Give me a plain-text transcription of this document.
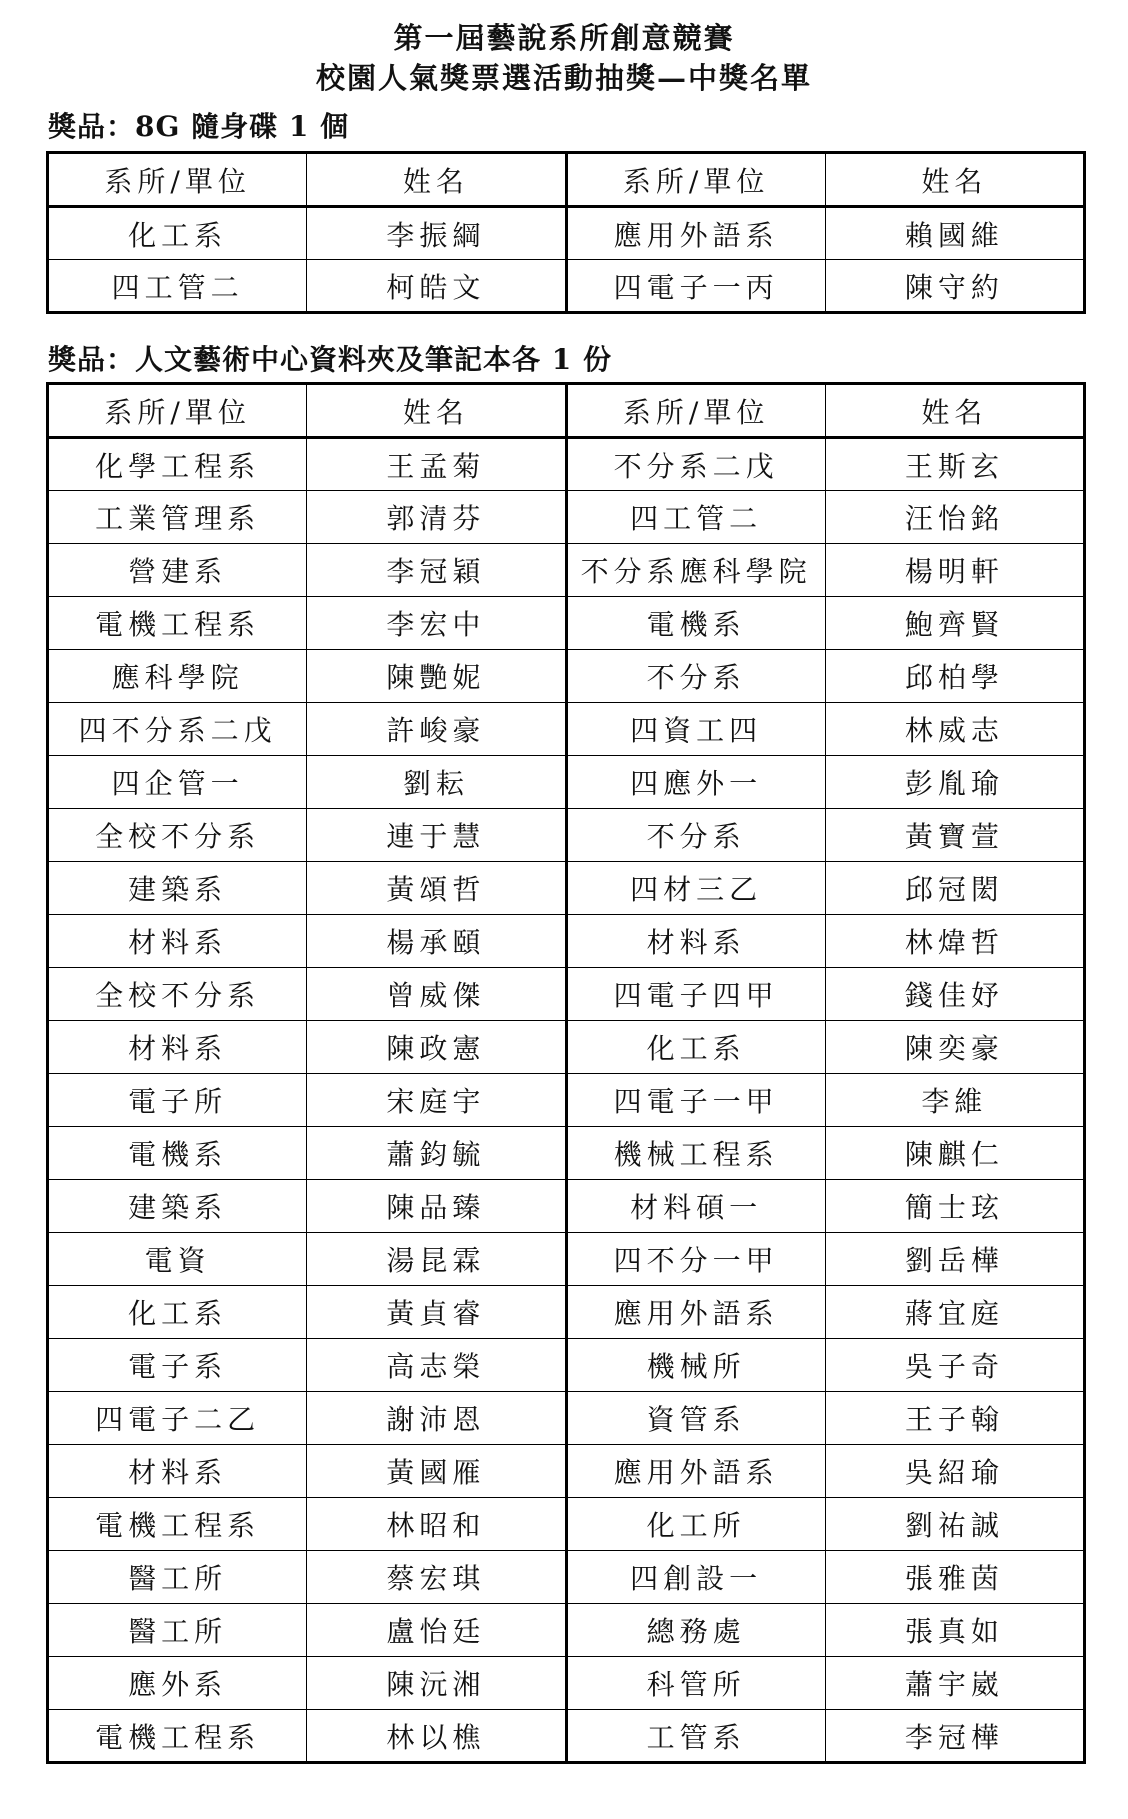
第一屆藝說系所創意競賽
校園人氣獎票選活動抽獎—中獎名單
獎品：8G 隨身碟 1 個
系所/單位	姓名	系所/單位	姓名
化工系	李振綱	應用外語系	賴國維
四工管二	柯皓文	四電子一丙	陳守約
獎品：人文藝術中心資料夾及筆記本各 1 份
系所/單位	姓名	系所/單位	姓名
化學工程系	王孟菊	不分系二戊	王斯玄
工業管理系	郭清芬	四工管二	汪怡銘
營建系	李冠穎	不分系應科學院	楊明軒
電機工程系	李宏中	電機系	鮑齊賢
應科學院	陳艷妮	不分系	邱柏學
四不分系二戊	許峻豪	四資工四	林威志
四企管一	劉耘	四應外一	彭胤瑜
全校不分系	連于慧	不分系	黃寶萱
建築系	黃頌哲	四材三乙	邱冠閎
材料系	楊承頤	材料系	林煒哲
全校不分系	曾威傑	四電子四甲	錢佳妤
材料系	陳政憲	化工系	陳奕豪
電子所	宋庭宇	四電子一甲	李維
電機系	蕭鈞毓	機械工程系	陳麒仁
建築系	陳品臻	材料碩一	簡士玹
電資	湯昆霖	四不分一甲	劉岳樺
化工系	黃貞睿	應用外語系	蔣宜庭
電子系	高志榮	機械所	吳子奇
四電子二乙	謝沛恩	資管系	王子翰
材料系	黃國雁	應用外語系	吳紹瑜
電機工程系	林昭和	化工所	劉祐誠
醫工所	蔡宏琪	四創設一	張雅茵
醫工所	盧怡廷	總務處	張真如
應外系	陳沅湘	科管所	蕭宇崴
電機工程系	林以樵	工管系	李冠樺
